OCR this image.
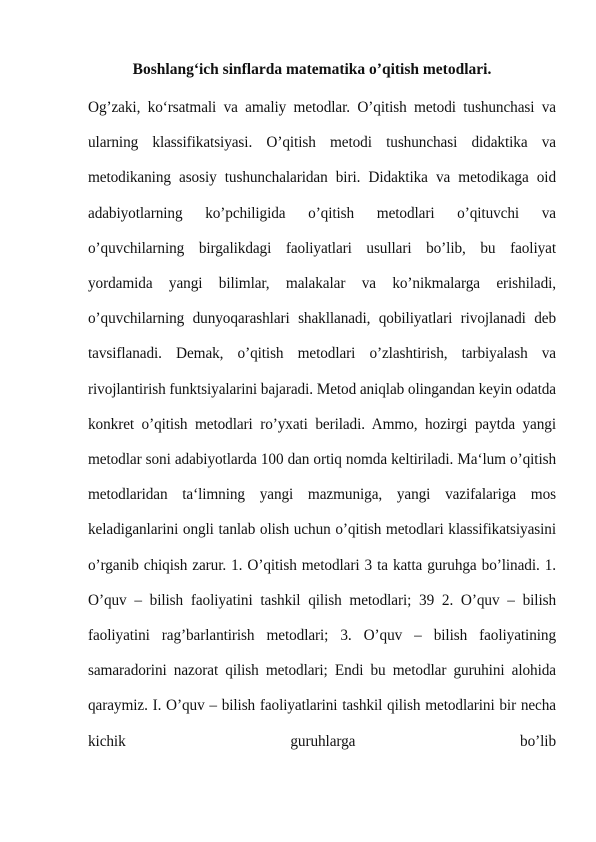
Boshlang‘ich sinflarda matematika o’qitish metodlari.

Og’zaki, ko‘rsatmali va amaliy metodlar. O’qitish metodi tushunchasi va ularning klassifikatsiyasi. O’qitish metodi tushunchasi didaktika va metodikaning asosiy tushunchalaridan biri. Didaktika va metodikaga oid adabiyotlarning ko’pchiligida o’qitish metodlari o’qituvchi va o’quvchilarning birgalikdagi faoliyatlari usullari bo’lib, bu faoliyat yordamida yangi bilimlar, malakalar va ko’nikmalarga erishiladi, o’quvchilarning dunyoqarashlari shakllanadi, qobiliyatlari rivojlanadi deb tavsiflanadi. Demak, o’qitish metodlari o’zlashtirish, tarbiyalash va rivojlantirish funktsiyalarini bajaradi. Metod aniqlab olingandan keyin odatda konkret o’qitish metodlari ro’yxati beriladi. Ammo, hozirgi paytda yangi metodlar soni adabiyotlarda 100 dan ortiq nomda keltiriladi. Ma‘lum o’qitish metodlaridan ta‘limning yangi mazmuniga, yangi vazifalariga mos keladiganlarini ongli tanlab olish uchun o’qitish metodlari klassifikatsiyasini o’rganib chiqish zarur. 1. O’qitish metodlari 3 ta katta guruhga bo’linadi. 1. O’quv – bilish faoliyatini tashkil qilish metodlari; 39 2. O’quv – bilish faoliyatini rag’barlantirish metodlari; 3. O’quv – bilish faoliyatining samaradorini nazorat qilish metodlari; Endi bu metodlar guruhini alohida qaraymiz. I. O’quv – bilish faoliyatlarini tashkil qilish metodlarini bir necha kichik guruhlarga bo’lib
